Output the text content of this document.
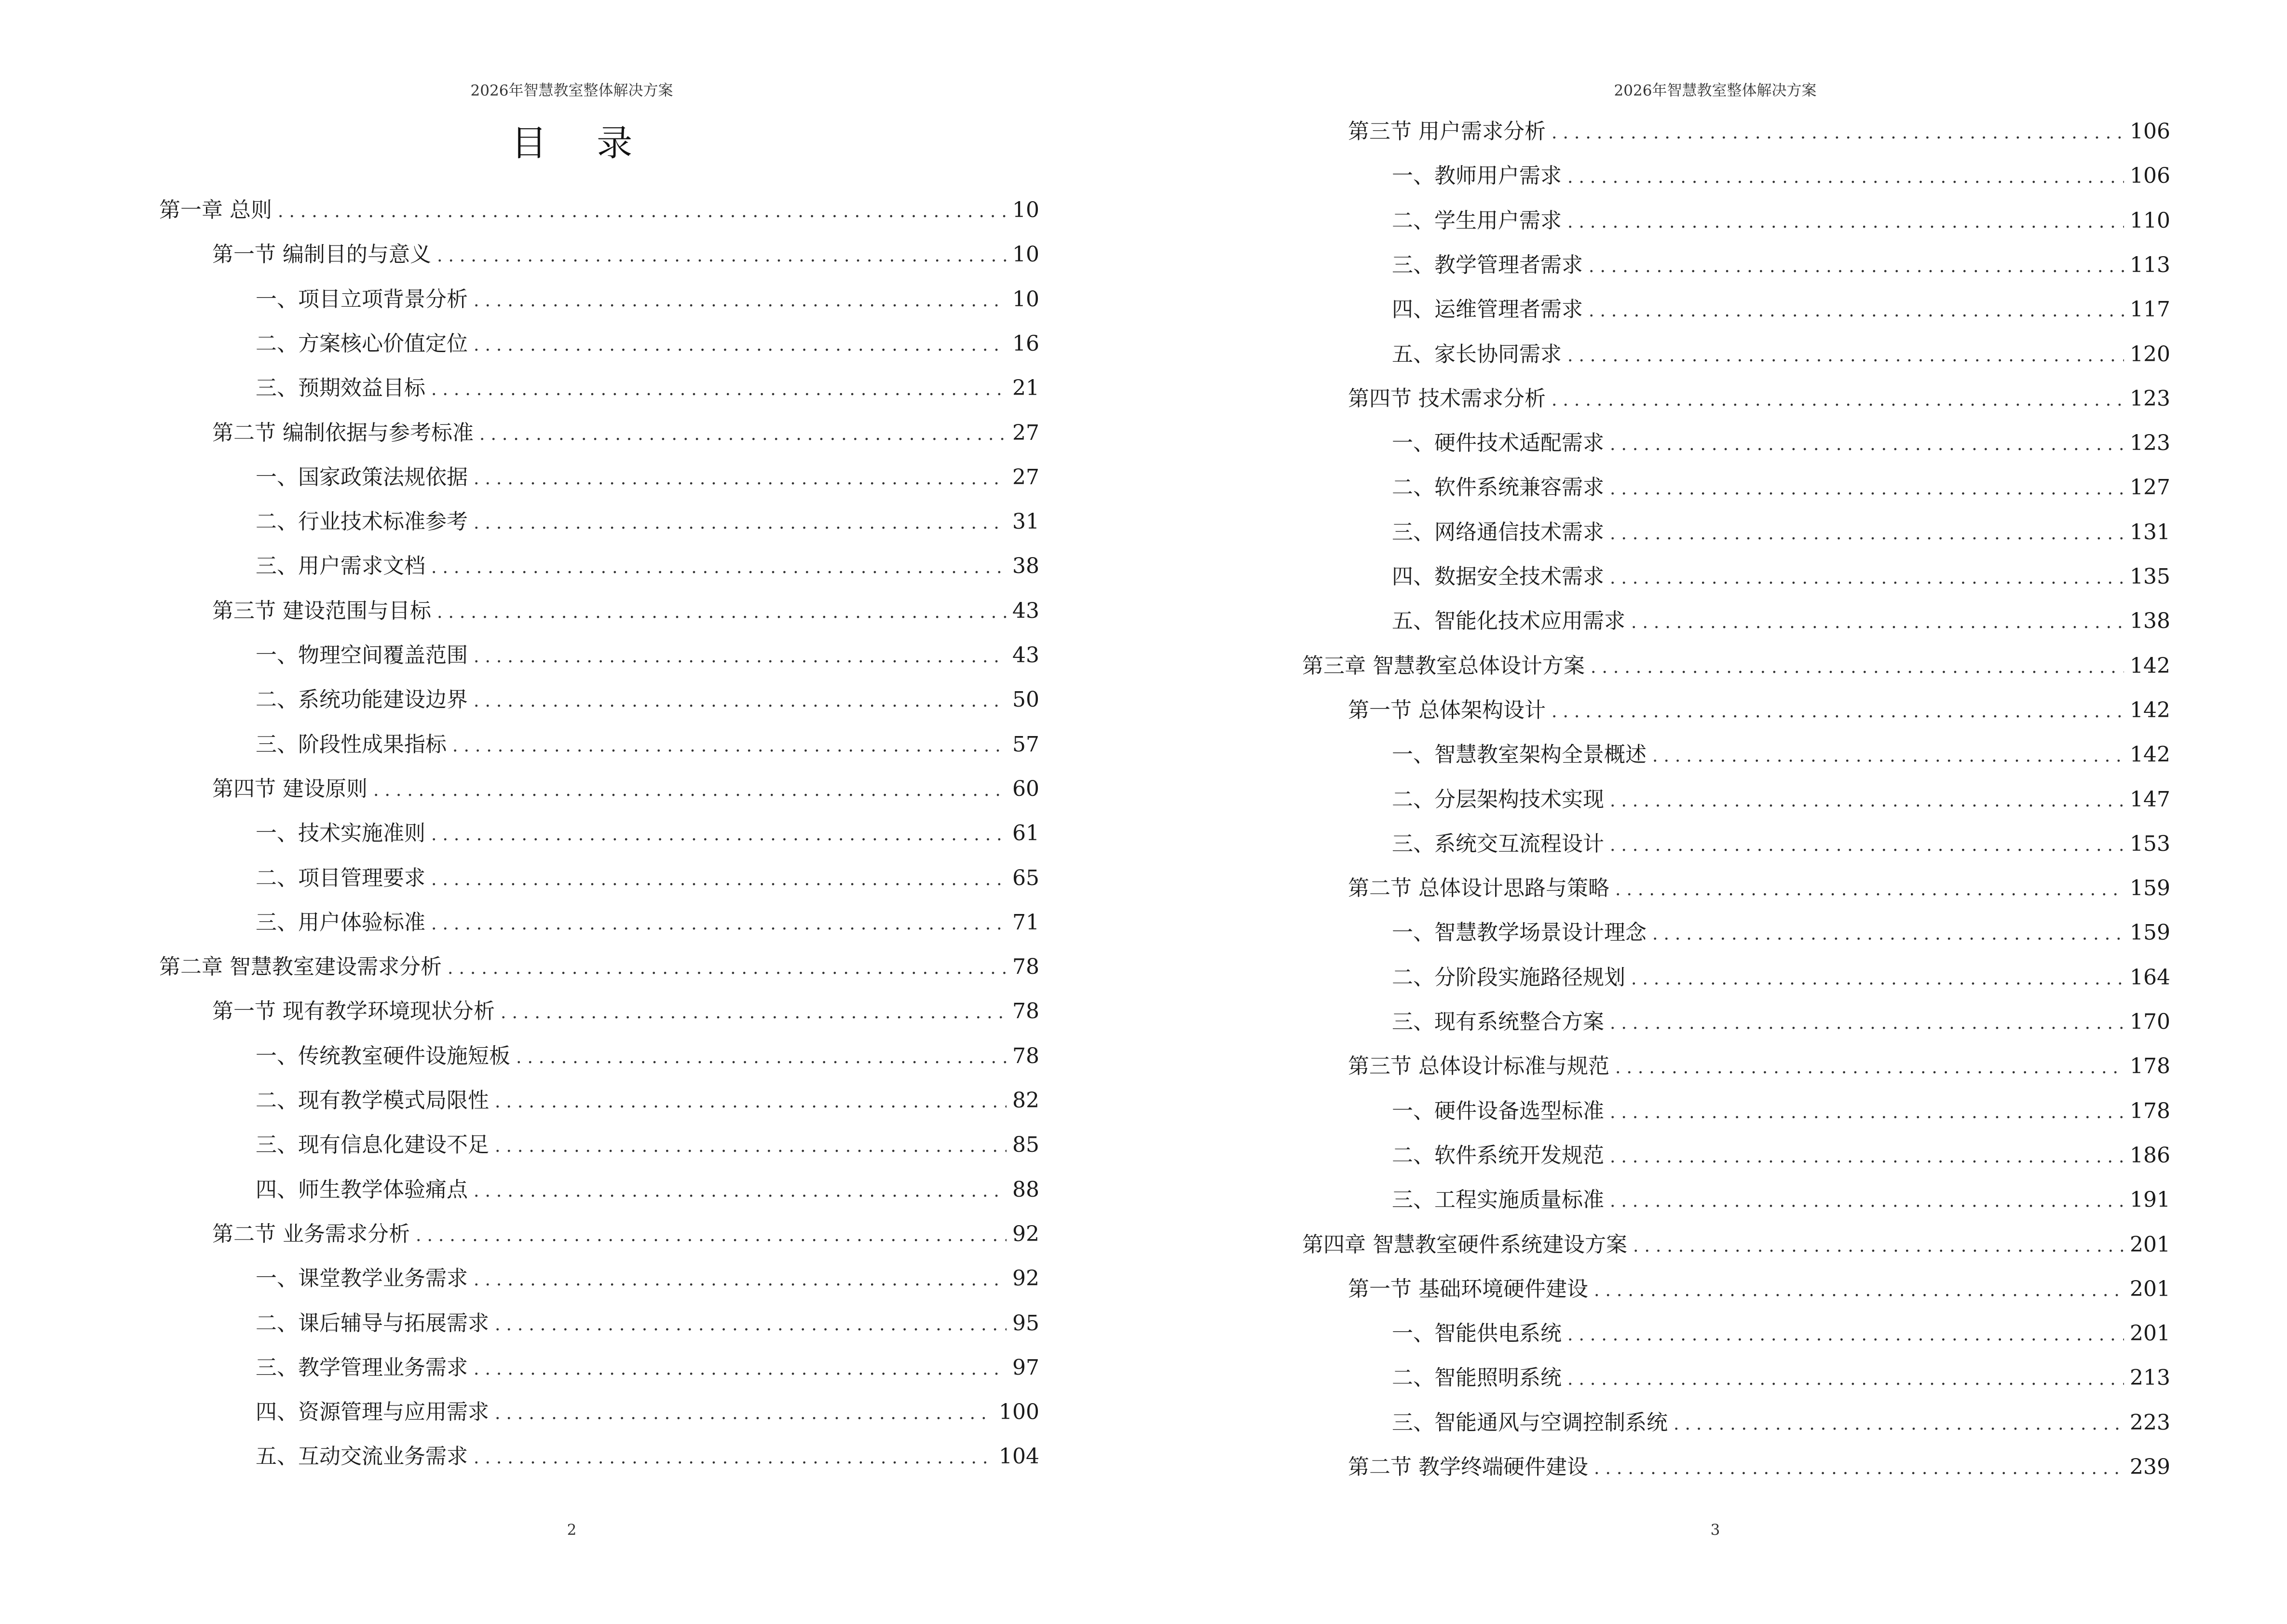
2026年智慧教室整体解决方案
目 录
第一章 总则 .....	10
第一节 编制目的与意义 .....	10
一、项目立项背景分析 .....	10
二、方案核心价值定位 .....	16
三、预期效益目标 .....	21
第二节 编制依据与参考标准 .....	27
一、国家政策法规依据 .....	27
二、行业技术标准参考 .....	31
三、用户需求文档 .....	38
第三节 建设范围与目标 .....	43
一、物理空间覆盖范围 .....	43
二、系统功能建设边界 .....	50
三、阶段性成果指标 .....	57
第四节 建设原则 .....	60
一、技术实施准则 .....	61
二、项目管理要求 .....	65
三、用户体验标准 .....	71
第二章 智慧教室建设需求分析 .....	78
第一节 现有教学环境现状分析 .....	78
一、传统教室硬件设施短板 .....	78
二、现有教学模式局限性 .....	82
三、现有信息化建设不足 .....	85
四、师生教学体验痛点 .....	88
第二节 业务需求分析 .....	92
一、课堂教学业务需求 .....	92
二、课后辅导与拓展需求 .....	95
三、教学管理业务需求 .....	97
四、资源管理与应用需求 .....	100
五、互动交流业务需求 .....	104
2
2026年智慧教室整体解决方案
第三节 用户需求分析 .....	106
一、教师用户需求 .....	106
二、学生用户需求 .....	110
三、教学管理者需求 .....	113
四、运维管理者需求 .....	117
五、家长协同需求 .....	120
第四节 技术需求分析 .....	123
一、硬件技术适配需求 .....	123
二、软件系统兼容需求 .....	127
三、网络通信技术需求 .....	131
四、数据安全技术需求 .....	135
五、智能化技术应用需求 .....	138
第三章 智慧教室总体设计方案 .....	142
第一节 总体架构设计 .....	142
一、智慧教室架构全景概述 .....	142
二、分层架构技术实现 .....	147
三、系统交互流程设计 .....	153
第二节 总体设计思路与策略 .....	159
一、智慧教学场景设计理念 .....	159
二、分阶段实施路径规划 .....	164
三、现有系统整合方案 .....	170
第三节 总体设计标准与规范 .....	178
一、硬件设备选型标准 .....	178
二、软件系统开发规范 .....	186
三、工程实施质量标准 .....	191
第四章 智慧教室硬件系统建设方案 .....	201
第一节 基础环境硬件建设 .....	201
一、智能供电系统 .....	201
二、智能照明系统 .....	213
三、智能通风与空调控制系统 .....	223
第二节 教学终端硬件建设 .....	239
3
